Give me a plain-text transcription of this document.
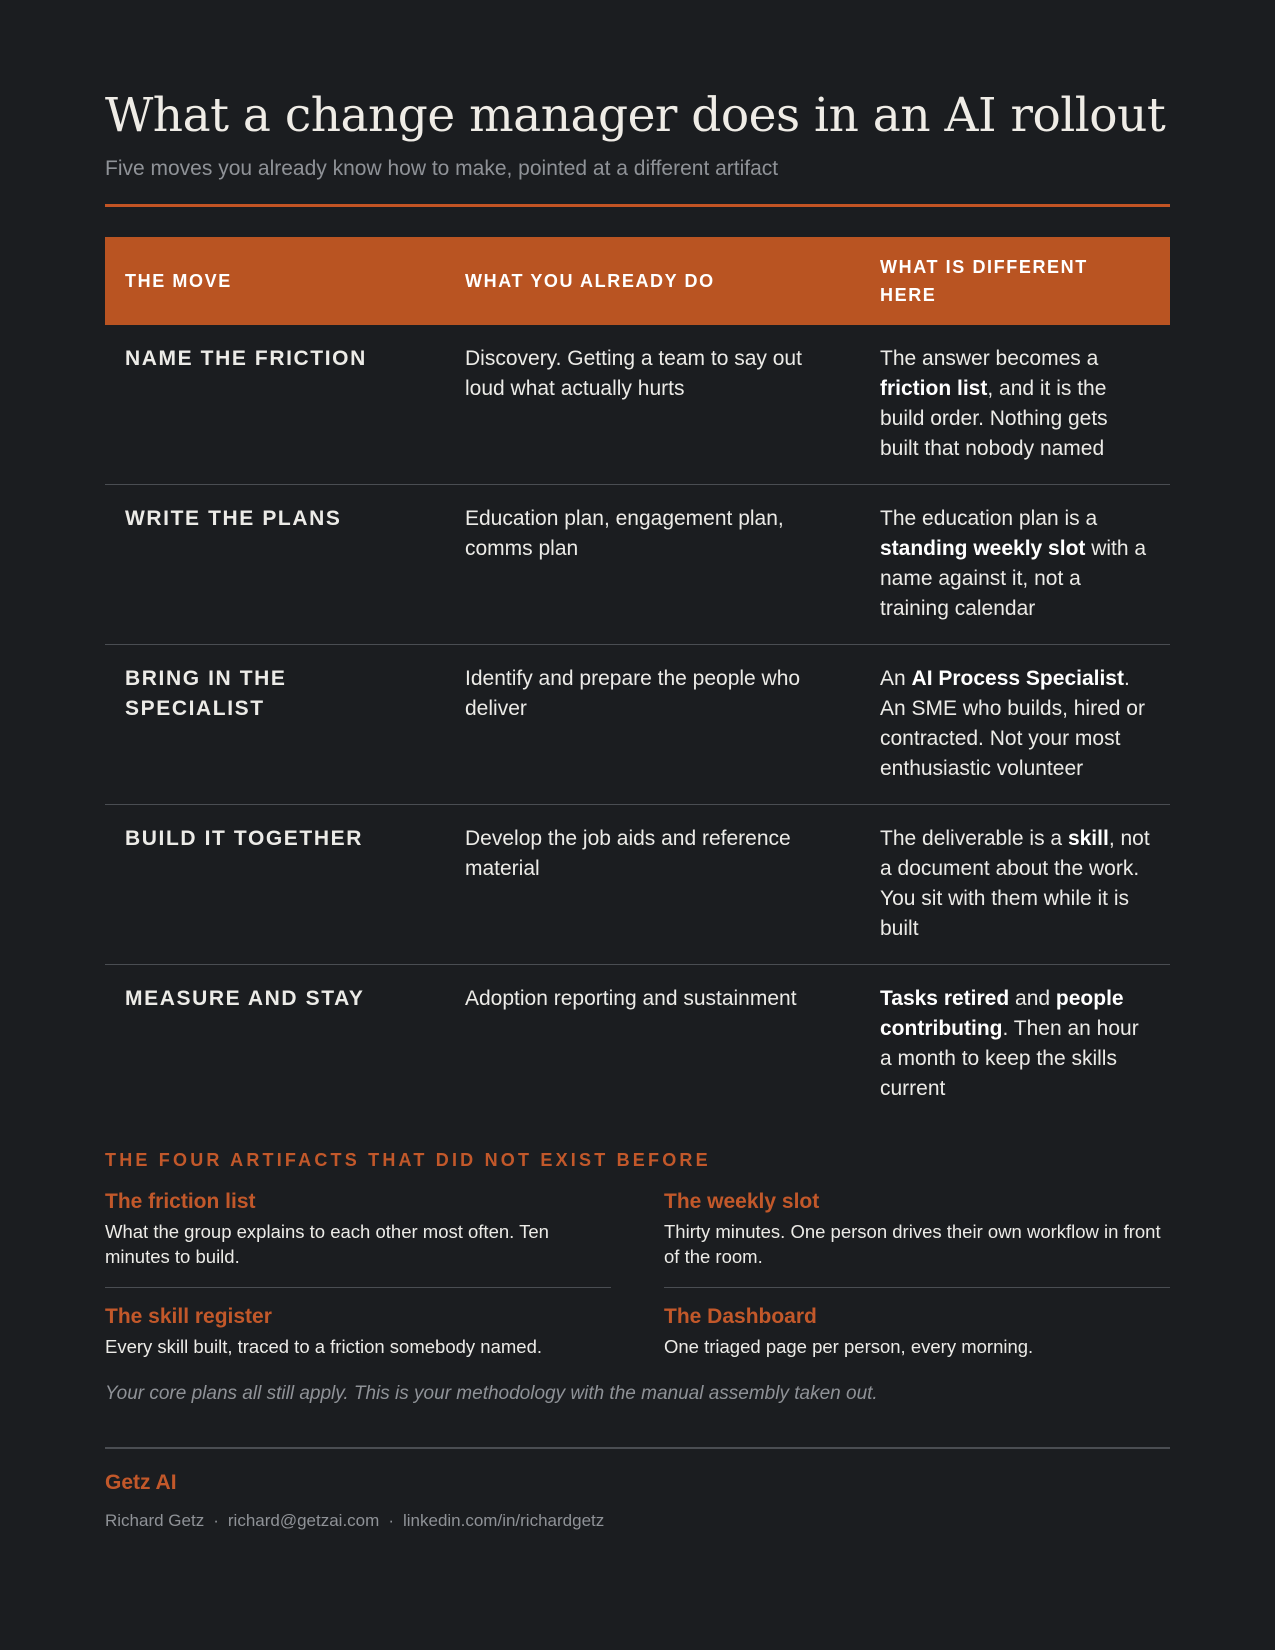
What a change manager does in an AI rollout
Five moves you already know how to make, pointed at a different artifact
THE MOVE	WHAT YOU ALREADY DO	WHAT IS DIFFERENT HERE
NAME THE FRICTION	Discovery. Getting a team to say out loud what actually hurts	The answer becomes a friction list, and it is the build order. Nothing gets built that nobody named
WRITE THE PLANS	Education plan, engagement plan, comms plan	The education plan is a standing weekly slot with a name against it, not a training calendar
BRING IN THE SPECIALIST	Identify and prepare the people who deliver	An AI Process Specialist. An SME who builds, hired or contracted. Not your most enthusiastic volunteer
BUILD IT TOGETHER	Develop the job aids and reference material	The deliverable is a skill, not a document about the work. You sit with them while it is built
MEASURE AND STAY	Adoption reporting and sustainment	Tasks retired and people contributing. Then an hour a month to keep the skills current
THE FOUR ARTIFACTS THAT DID NOT EXIST BEFORE
The friction list
What the group explains to each other most often. Ten minutes to build.
The weekly slot
Thirty minutes. One person drives their own workflow in front of the room.
The skill register
Every skill built, traced to a friction somebody named.
The Dashboard
One triaged page per person, every morning.
Your core plans all still apply. This is your methodology with the manual assembly taken out.
Getz AI
Richard Getz · richard@getzai.com · linkedin.com/in/richardgetz
